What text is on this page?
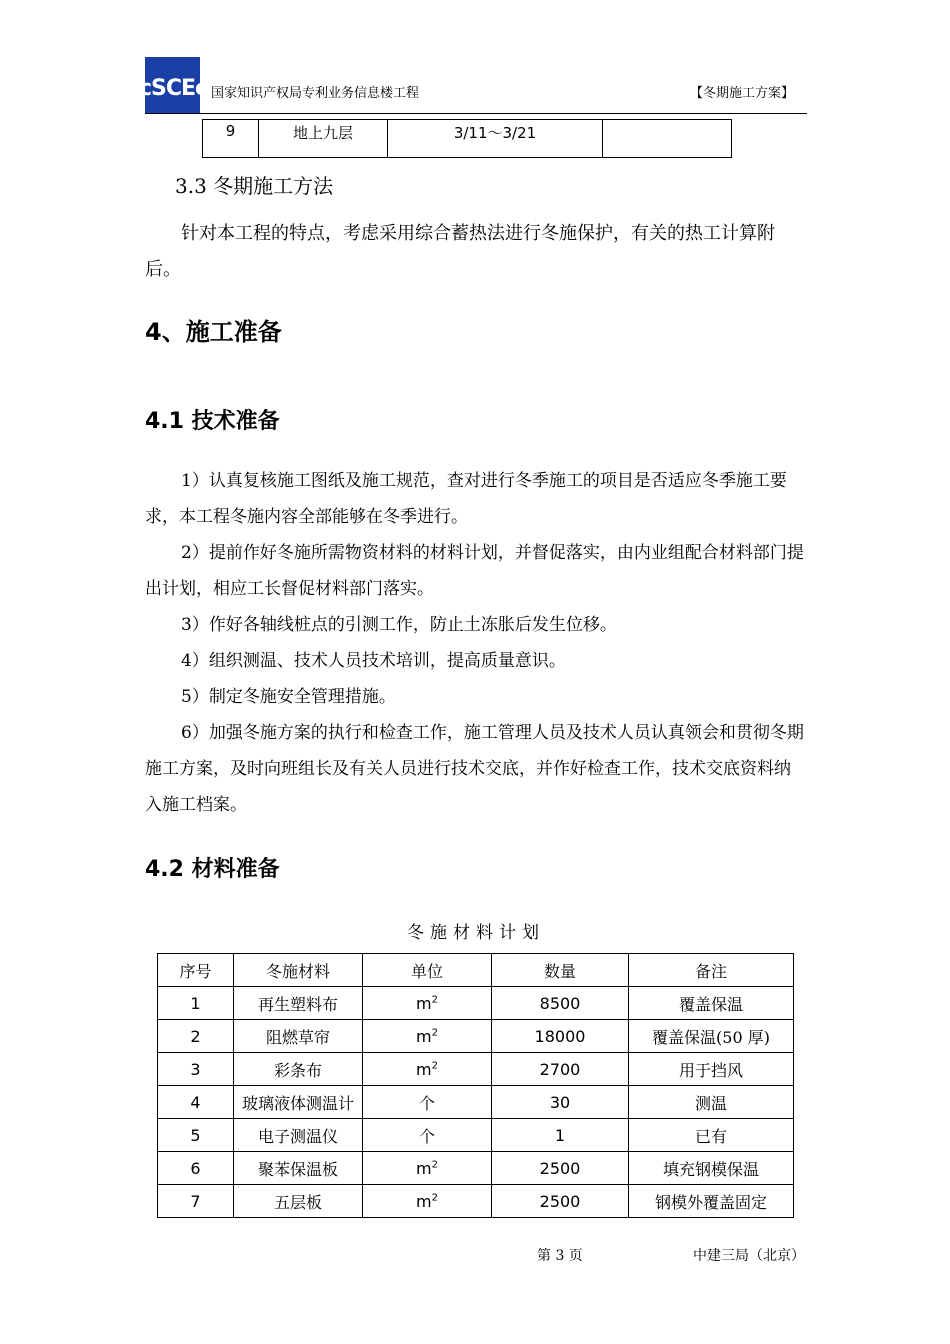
cSCEc 国家知识产权局专利业务信息楼工程	【冬期施工方案】
9	地上九层	3/11～3/21	
3.3 冬期施工方法
针对本工程的特点，考虑采用综合蓄热法进行冬施保护，有关的热工计算附后。
4、施工准备
4.1 技术准备

1）认真复核施工图纸及施工规范，查对进行冬季施工的项目是否适应冬季施工要求，本工程冬施内容全部能够在冬季进行。

2）提前作好冬施所需物资材料的材料计划，并督促落实，由内业组配合材料部门提出计划，相应工长督促材料部门落实。

3）作好各轴线桩点的引测工作，防止土冻胀后发生位移。

4）组织测温、技术人员技术培训，提高质量意识。

5）制定冬施安全管理措施。

6）加强冬施方案的执行和检查工作，施工管理人员及技术人员认真领会和贯彻冬期施工方案，及时向班组长及有关人员进行技术交底，并作好检查工作，技术交底资料纳入施工档案。

4.2 材料准备
冬施材料计划
序号	冬施材料	单位	数量	备注
1	再生塑料布	$m^2$	8500	覆盖保温
2	阻燃草帘	$m^2$	18000	覆盖保温(50 厚)
3	彩条布	$m^2$	2700	用于挡风
4	玻璃液体测温计	个	30	测温
5	电子测温仪	个	1	已有
6	聚苯保温板	$m^2$	2500	填充钢模保温
7	五层板	$m^2$	2500	钢模外覆盖固定
第 3 页	中建三局（北京）
